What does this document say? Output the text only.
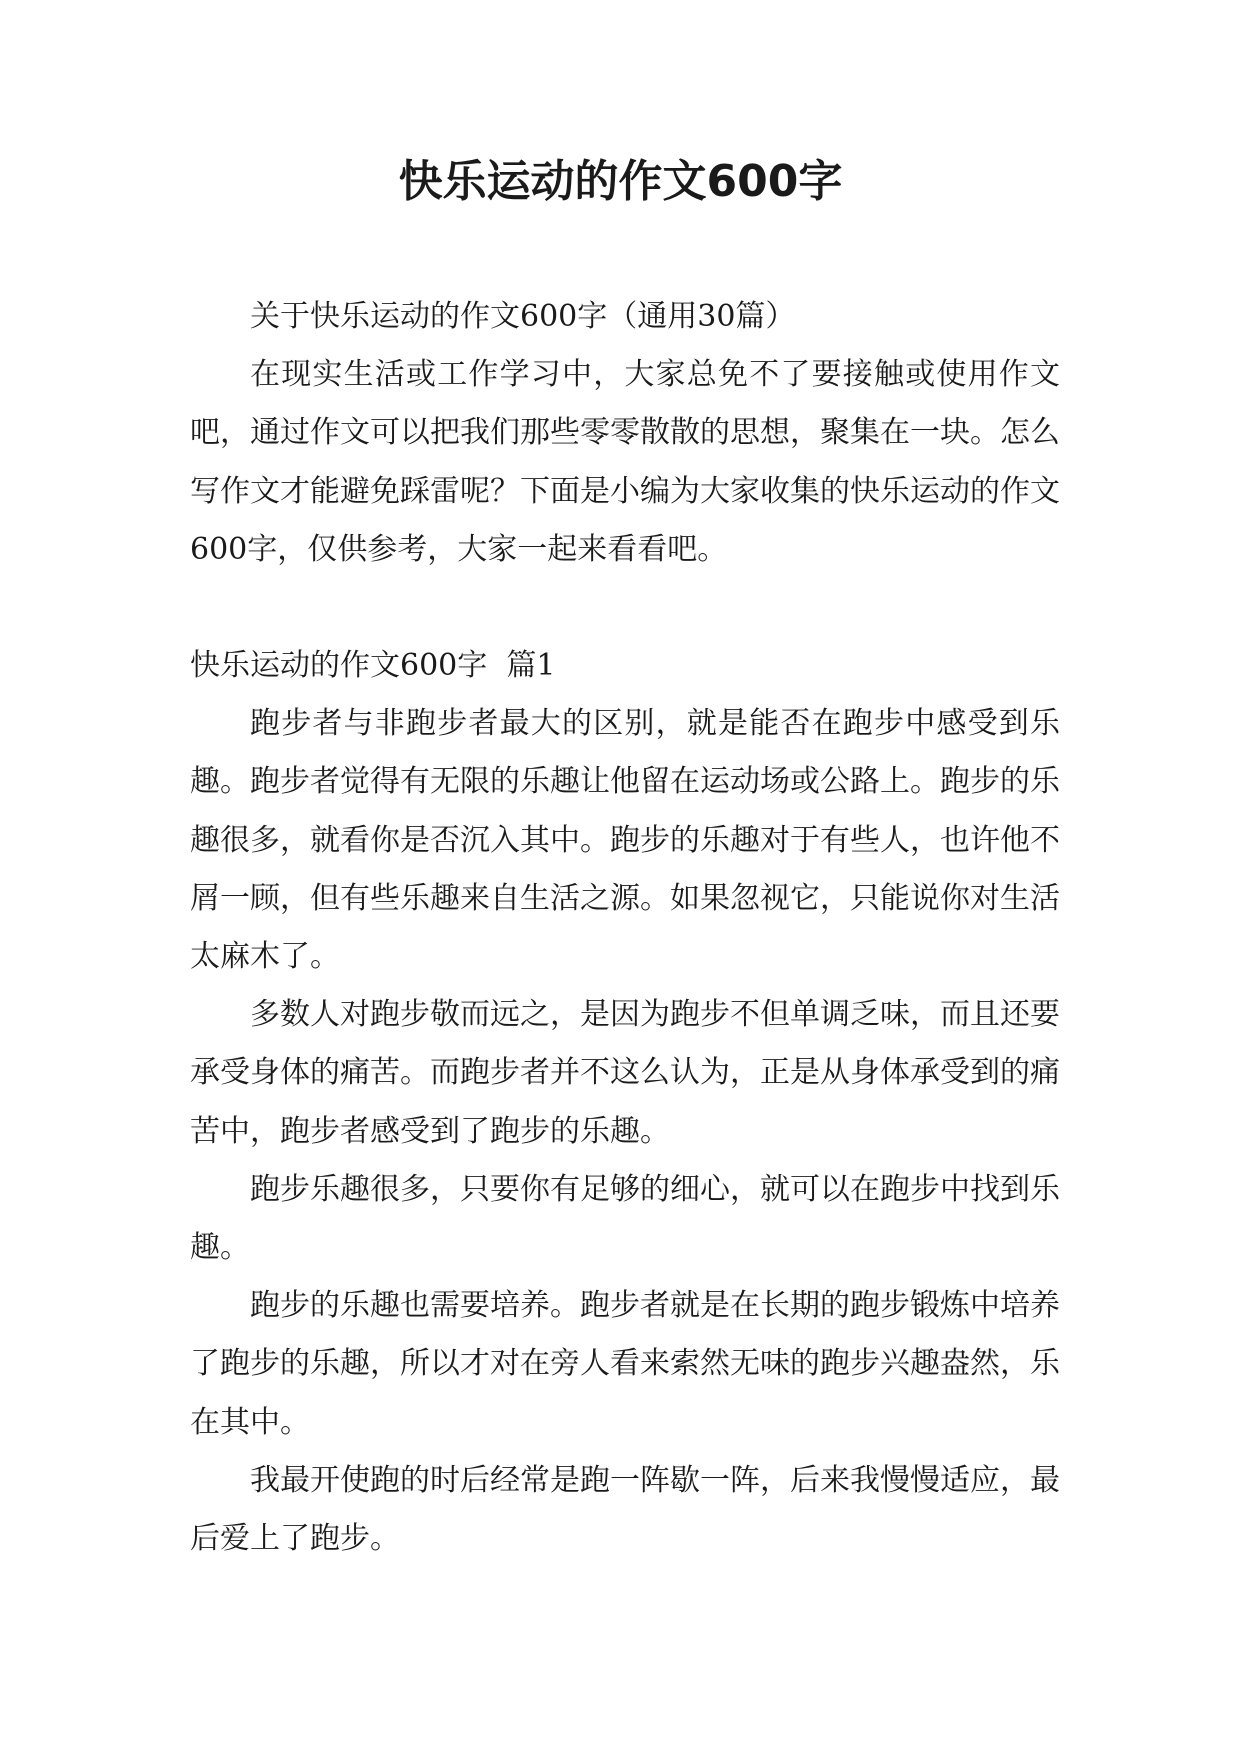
快乐运动的作文600字

关于快乐运动的作文600字（通用30篇）

在现实生活或工作学习中，大家总免不了要接触或使用作文吧，通过作文可以把我们那些零零散散的思想，聚集在一块。怎么写作文才能避免踩雷呢？下面是小编为大家收集的快乐运动的作文600字，仅供参考，大家一起来看看吧。

快乐运动的作文600字  篇1

跑步者与非跑步者最大的区别，就是能否在跑步中感受到乐趣。跑步者觉得有无限的乐趣让他留在运动场或公路上。跑步的乐趣很多，就看你是否沉入其中。跑步的乐趣对于有些人，也许他不屑一顾，但有些乐趣来自生活之源。如果忽视它，只能说你对生活太麻木了。

多数人对跑步敬而远之，是因为跑步不但单调乏味，而且还要承受身体的痛苦。而跑步者并不这么认为，正是从身体承受到的痛苦中，跑步者感受到了跑步的乐趣。

跑步乐趣很多，只要你有足够的细心，就可以在跑步中找到乐趣。

跑步的乐趣也需要培养。跑步者就是在长期的跑步锻炼中培养了跑步的乐趣，所以才对在旁人看来索然无味的跑步兴趣盎然，乐在其中。

我最开使跑的时后经常是跑一阵歇一阵，后来我慢慢适应，最后爱上了跑步。
